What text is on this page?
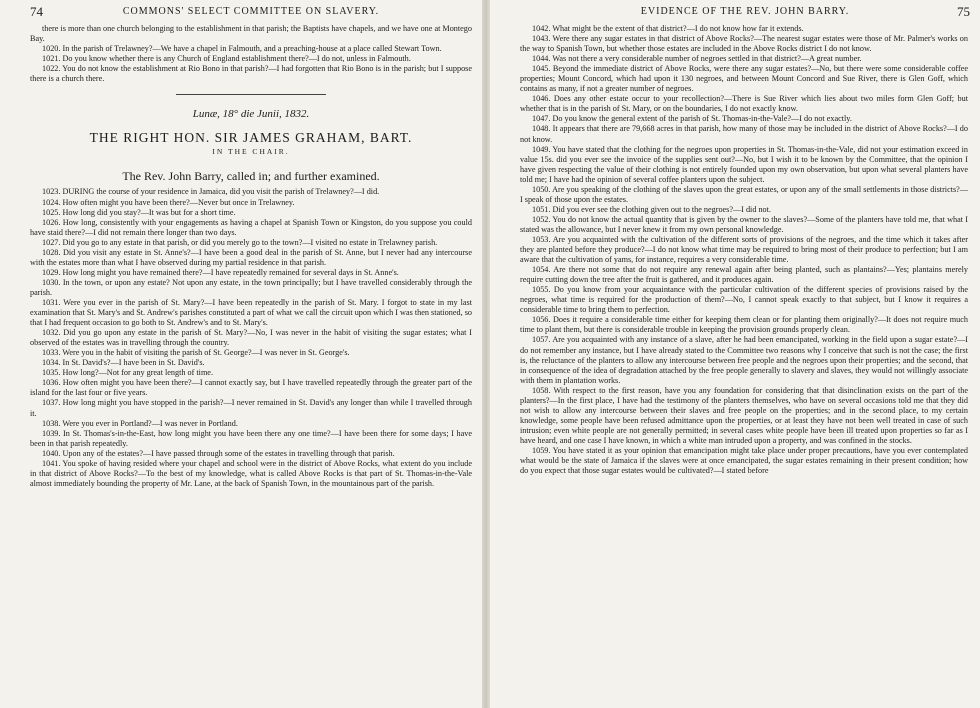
74	COMMONS' SELECT COMMITTEE ON SLAVERY.

there is more than one church belonging to the establishment in that parish; the Baptists have chapels, and we have one at Montego Bay.

1020. In the parish of Trelawney?—We have a chapel in Falmouth, and a preaching-house at a place called Stewart Town.

1021. Do you know whether there is any Church of England establishment there?—I do not, unless in Falmouth.

1022. You do not know the establishment at Rio Bono in that parish?—I had forgotten that Rio Bono is in the parish; but I suppose there is a church there.

Lunæ, 18° die Junii, 1832.
THE RIGHT HON. SIR JAMES GRAHAM, BART.
IN THE CHAIR.
The Rev. John Barry, called in; and further examined.

1023. DURING the course of your residence in Jamaica, did you visit the parish of Trelawney?—I did.

1024. How often might you have been there?—Never but once in Trelawney.

1025. How long did you stay?—It was but for a short time.

1026. How long, consistently with your engagements as having a chapel at Spanish Town or Kingston, do you suppose you could have staid there?—I did not remain there longer than two days.

1027. Did you go to any estate in that parish, or did you merely go to the town?—I visited no estate in Trelawney parish.

1028. Did you visit any estate in St. Anne's?—I have been a good deal in the parish of St. Anne, but I never had any intercourse with the estates more than what I have observed during my partial residence in that parish.

1029. How long might you have remained there?—I have repeatedly remained for several days in St. Anne's.

1030. In the town, or upon any estate? Not upon any estate, in the town principally; but I have travelled considerably through the parish.

1031. Were you ever in the parish of St. Mary?—I have been repeatedly in the parish of St. Mary. I forgot to state in my last examination that St. Mary's and St. Andrew's parishes constituted a part of what we call the circuit upon which I was then stationed, so that I had frequent occasion to go both to St. Andrew's and to St. Mary's.

1032. Did you go upon any estate in the parish of St. Mary?—No, I was never in the habit of visiting the sugar estates; what I observed of the estates was in travelling through the country.

1033. Were you in the habit of visiting the parish of St. George?—I was never in St. George's.

1034. In St. David's?—I have been in St. David's.

1035. How long?—Not for any great length of time.

1036. How often might you have been there?—I cannot exactly say, but I have travelled repeatedly through the greater part of the island for the last four or five years.

1037. How long might you have stopped in the parish?—I never remained in St. David's any longer than while I travelled through it.

1038. Were you ever in Portland?—I was never in Portland.

1039. In St. Thomas's-in-the-East, how long might you have been there any one time?—I have been there for some days; I have been in that parish repeatedly.

1040. Upon any of the estates?—I have passed through some of the estates in travelling through that parish.

1041. You spoke of having resided where your chapel and school were in the district of Above Rocks, what extent do you include in that district of Above Rocks?—To the best of my knowledge, what is called Above Rocks is that part of St. Thomas-in-the-Vale almost immediately bounding the property of Mr. Lane, at the back of Spanish Town, in the mountainous part of the parish.

EVIDENCE OF THE REV. JOHN BARRY.	75

1042. What might be the extent of that district?—I do not know how far it extends.

1043. Were there any sugar estates in that district of Above Rocks?—The nearest sugar estates were those of Mr. Palmer's works on the way to Spanish Town, but whether those estates are included in the Above Rocks district I do not know.

1044. Was not there a very considerable number of negroes settled in that district?—A great number.

1045. Beyond the immediate district of Above Rocks, were there any sugar estates?—No, but there were some considerable coffee properties; Mount Concord, which had upon it 130 negroes, and between Mount Concord and Sue River, there is Glen Goff, which contains as many, if not a greater number of negroes.

1046. Does any other estate occur to your recollection?—There is Sue River which lies about two miles form Glen Goff; but whether that is in the parish of St. Mary, or on the boundaries, I do not exactly know.

1047. Do you know the general extent of the parish of St. Thomas-in-the-Vale?—I do not exactly.

1048. It appears that there are 79,668 acres in that parish, how many of those may be included in the district of Above Rocks?—I do not know.

1049. You have stated that the clothing for the negroes upon properties in St. Thomas-in-the-Vale, did not your estimation exceed in value 15s. did you ever see the invoice of the supplies sent out?—No, but I wish it to be known by the Committee, that the opinion I have given respecting the value of their clothing is not entirely founded upon my own observation, but upon what several planters have told me; I have had the opinion of several coffee planters upon the subject.

1050. Are you speaking of the clothing of the slaves upon the great estates, or upon any of the small settlements in those districts?—I speak of those upon the estates.

1051. Did you ever see the clothing given out to the negroes?—I did not.

1052. You do not know the actual quantity that is given by the owner to the slaves?—Some of the planters have told me, that what I stated was the allowance, but I never knew it from my own personal knowledge.

1053. Are you acquainted with the cultivation of the different sorts of provisions of the negroes, and the time which it takes after they are planted before they produce?—I do not know what time may be required to bring most of their produce to perfection; but I am aware that the cultivation of yams, for instance, requires a very considerable time.

1054. Are there not some that do not require any renewal again after being planted, such as plantains?—Yes; plantains merely require cutting down the tree after the fruit is gathered, and it produces again.

1055. Do you know from your acquaintance with the particular cultivation of the different species of provisions raised by the negroes, what time is required for the production of them?—No, I cannot speak exactly to that subject, but I know it requires a considerable time to bring them to perfection.

1056. Does it require a considerable time either for keeping them clean or for planting them originally?—It does not require much time to plant them, but there is considerable trouble in keeping the provision grounds properly clean.

1057. Are you acquainted with any instance of a slave, after he had been emancipated, working in the field upon a sugar estate?—I do not remember any instance, but I have already stated to the Committee two reasons why I conceive that such is not the case; the first is, the reluctance of the planters to allow any intercourse between free people and the negroes upon their properties; and the second, that in consequence of the idea of degradation attached by the free people generally to slavery and slaves, they would not willingly associate with them in plantation works.

1058. With respect to the first reason, have you any foundation for considering that that disinclination exists on the part of the planters?—In the first place, I have had the testimony of the planters themselves, who have on several occasions told me that they did not wish to allow any intercourse between their slaves and free people on the properties; and in the second place, to my certain knowledge, some people have been refused admittance upon the properties, or at least they have not been well treated in case of such intrusion; even white people are not generally permitted; in several cases white people have been ill treated upon properties so far as I have heard, and one case I have known, in which a white man intruded upon a property, and was confined in the stocks.

1059. You have stated it as your opinion that emancipation might take place under proper precautions, have you ever contemplated what would be the state of Jamaica if the slaves were at once emancipated, the sugar estates remaining in their present condition; how do you expect that those sugar estates would be cultivated?—I stated before
